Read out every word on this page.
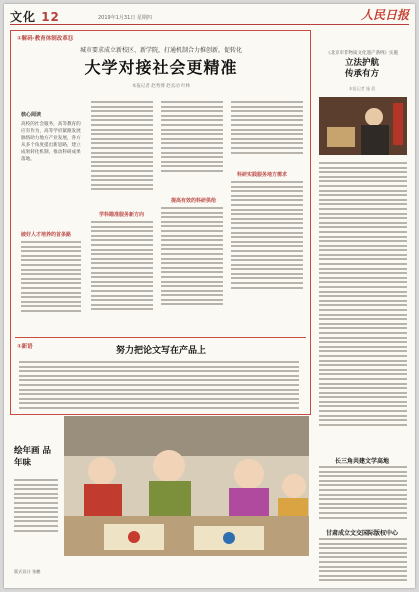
文化 12	2019年1月31日 星期四	人民日报
①解码·教育体制改革⑪
城市要求成立新校区、新学院，打通机制合力推创新，促转化
大学对接社会更精准
本报记者 赵秀博 赵丞动 叶林
核心阅读
高校的社会服务，高等教育的应有作为，高等学府紧跟发展脉络助力地方产业发展，各方从多个角度提出新思路，建立成果转化机制，推动科研成果落地。
破好人才培养的首条路
学科瞄准服务新方向
提高有效的科研供给
科研实践服务地方需求
①新语	努力把论文写在产品上
《北京市非物质文化遗产条例》实施
立法护航
传承有方
本报记者 施 晨
长三角共建文学高地
甘肃成立文交国际版权中心
绘年画 品年味
版式设计 张鹏
